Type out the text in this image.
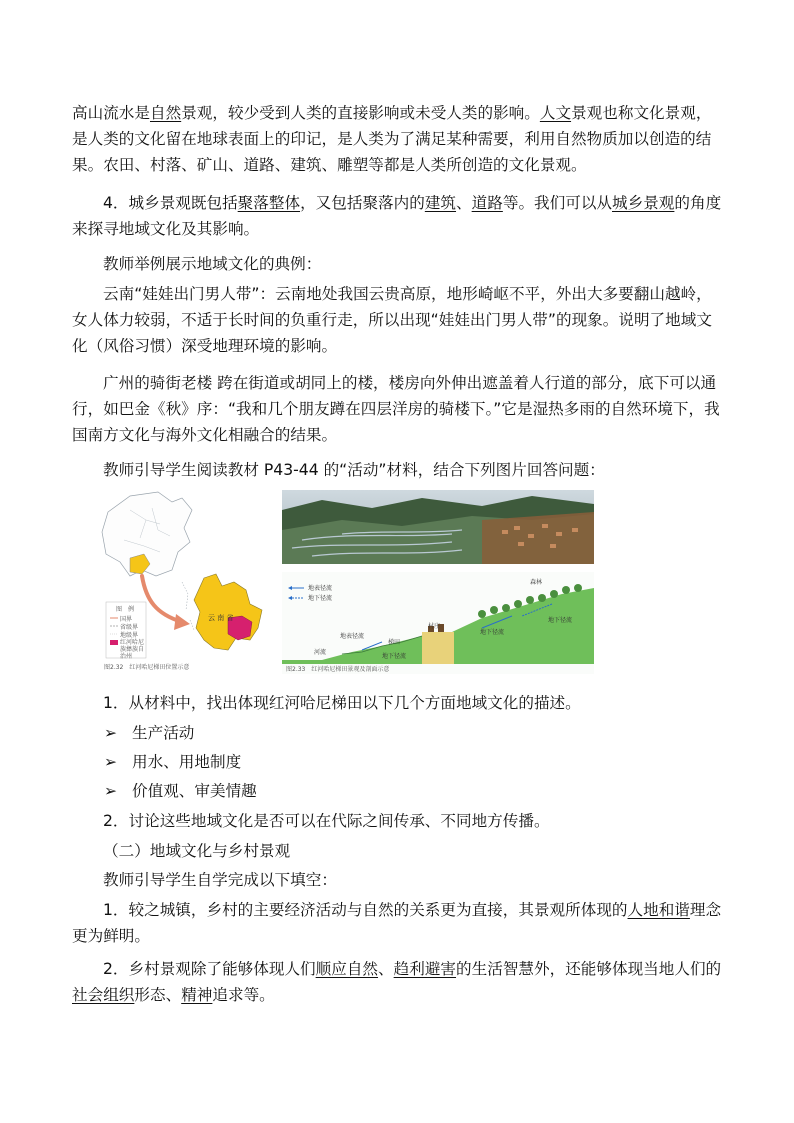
高山流水是自然景观，较少受到人类的直接影响或未受人类的影响。人文景观也称文化景观，是人类的文化留在地球表面上的印记，是人类为了满足某种需要，利用自然物质加以创造的结果。农田、村落、矿山、道路、建筑、雕塑等都是人类所创造的文化景观。

4．城乡景观既包括聚落整体，又包括聚落内的建筑、道路等。我们可以从城乡景观的角度来探寻地域文化及其影响。

教师举例展示地域文化的典例：

云南“娃娃出门男人带”：云南地处我国云贵高原，地形崎岖不平，外出大多要翻山越岭，女人体力较弱，不适于长时间的负重行走，所以出现“娃娃出门男人带”的现象。说明了地域文化（风俗习惯）深受地理环境的影响。

广州的骑街老楼 跨在街道或胡同上的楼，楼房向外伸出遮盖着人行道的部分，底下可以通行，如巴金《秋》序：“我和几个朋友蹲在四层洋房的骑楼下。”它是湿热多雨的自然环境下，我国南方文化与海外文化相融合的结果。

教师引导学生阅读教材 P43-44 的“活动”材料，结合下列图片回答问题：

图　例
国界
省级界
地级界
红河哈尼族彝族自治州
云 南 省
图2.32　红河哈尼梯田位置示意
地表径流
地下径流
森林
村庄
梯田
河流
地表径流
地下径流
地下径流
地下径流
图2.33　红河哈尼梯田景观及剖面示意

1．从材料中，找出体现红河哈尼梯田以下几个方面地域文化的描述。

➢ 生产活动
➢ 用水、用地制度
➢ 价值观、审美情趣

2．讨论这些地域文化是否可以在代际之间传承、不同地方传播。

（二）地域文化与乡村景观

教师引导学生自学完成以下填空：

1．较之城镇，乡村的主要经济活动与自然的关系更为直接，其景观所体现的人地和谐理念更为鲜明。

2．乡村景观除了能够体现人们顺应自然、趋利避害的生活智慧外，还能够体现当地人们的社会组织形态、精神追求等。
